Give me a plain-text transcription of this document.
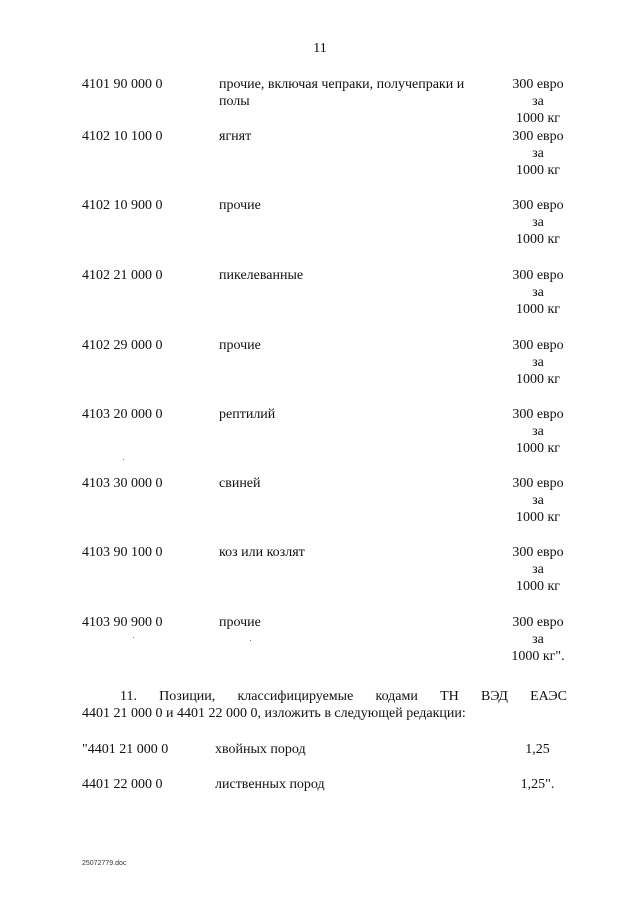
11
4101 90 000 0	прочие, включая чепраки, получепраки и полы
300 евро
за
1000 кг
4102 10 100 0	ягнят	300 евро
за
1000 кг
4102 10 900 0	прочие	300 евро
за
1000 кг
4102 21 000 0	пикелеванные	300 евро
за
1000 кг
4102 29 000 0	прочие	300 евро
за
1000 кг
4103 20 000 0	рептилий	300 евро
за
1000 кг
4103 30 000 0	свиней	300 евро
за
1000 кг
4103 90 100 0	коз или козлят	300 евро
за
1000 кг
4103 90 900 0	прочие	300 евро
за
1000 кг".
11. Позиции, классифицируемые кодами ТН ВЭД ЕАЭС
4401 21 000 0 и 4401 22 000 0, изложить в следующей редакции:
"4401 21 000 0	хвойных пород	1,25
4401 22 000 0	лиственных пород	1,25".
25072779.doc
